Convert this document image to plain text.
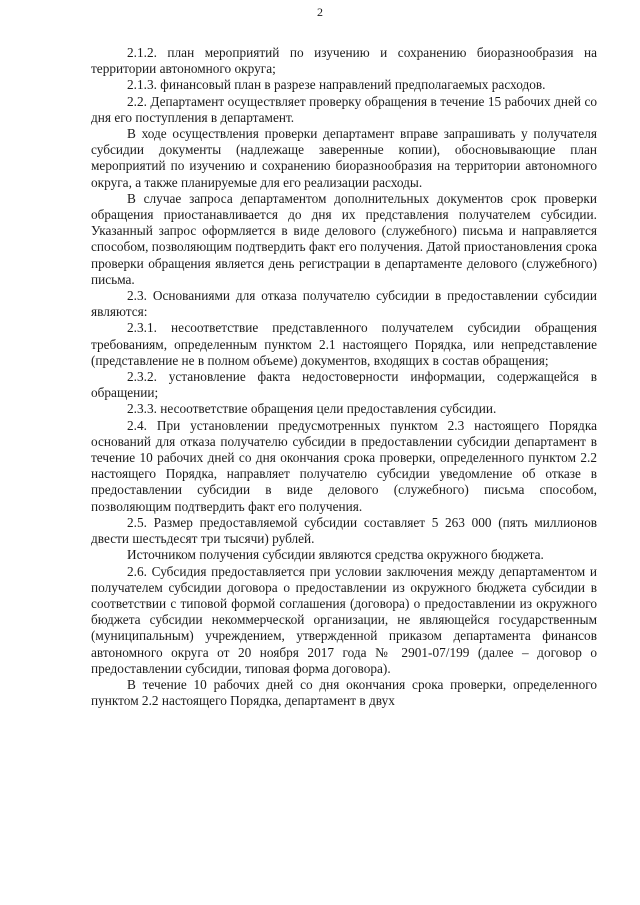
2

2.1.2. план мероприятий по изучению и сохранению биоразнообразия на территории автономного округа;

2.1.3. финансовый план в разрезе направлений предполагаемых расходов.

2.2. Департамент осуществляет проверку обращения в течение 15 рабочих дней со дня его поступления в департамент.

В ходе осуществления проверки департамент вправе запрашивать у получателя субсидии документы (надлежаще заверенные копии), обосновывающие план мероприятий по изучению и сохранению биоразнообразия на территории автономного округа, а также планируемые для его реализации расходы.

В случае запроса департаментом дополнительных документов срок проверки обращения приостанавливается до дня их представления получателем субсидии. Указанный запрос оформляется в виде делового (служебного) письма и направляется способом, позволяющим подтвердить факт его получения. Датой приостановления срока проверки обращения является день регистрации в департаменте делового (служебного) письма.

2.3. Основаниями для отказа получателю субсидии в предоставлении субсидии являются:

2.3.1. несоответствие представленного получателем субсидии обращения требованиям, определенным пунктом 2.1 настоящего Порядка, или непредставление (представление не в полном объеме) документов, входящих в состав обращения;

2.3.2. установление факта недостоверности информации, содержащейся в обращении;

2.3.3. несоответствие обращения цели предоставления субсидии.

2.4. При установлении предусмотренных пунктом 2.3 настоящего Порядка оснований для отказа получателю субсидии в предоставлении субсидии департамент в течение 10 рабочих дней со дня окончания срока проверки, определенного пунктом 2.2 настоящего Порядка, направляет получателю субсидии уведомление об отказе в предоставлении субсидии в виде делового (служебного) письма способом, позволяющим подтвердить факт его получения.

2.5. Размер предоставляемой субсидии составляет 5 263 000 (пять миллионов двести шестьдесят три тысячи) рублей.

Источником получения субсидии являются средства окружного бюджета.

2.6. Субсидия предоставляется при условии заключения между департаментом и получателем субсидии договора о предоставлении из окружного бюджета субсидии в соответствии с типовой формой соглашения (договора) о предоставлении из окружного бюджета субсидии некоммерческой организации, не являющейся государственным (муниципальным) учреждением, утвержденной приказом департамента финансов автономного округа от 20 ноября 2017 года № 2901-07/199 (далее – договор о предоставлении субсидии, типовая форма договора).

В течение 10 рабочих дней со дня окончания срока проверки, определенного пунктом 2.2 настоящего Порядка, департамент в двух
